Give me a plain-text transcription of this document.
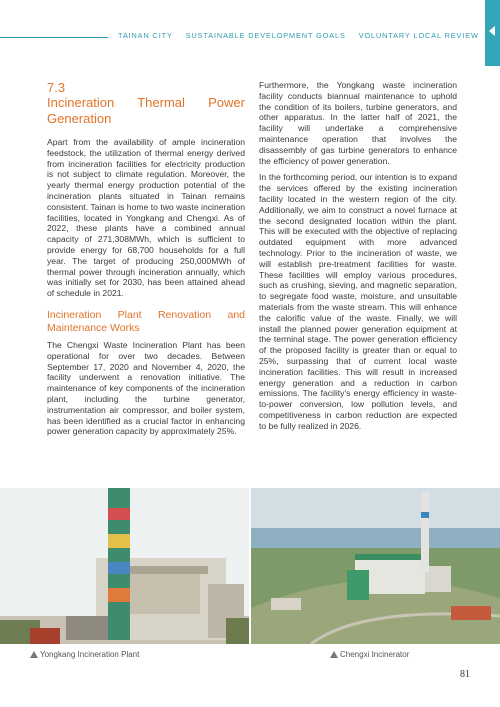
TAINAN CITY SUSTAINABLE DEVELOPMENT GOALS VOLUNTARY LOCAL REVIEW
7.3
Incineration Thermal Power Generation

Apart from the availability of ample incineration feedstock, the utilization of thermal energy derived from incineration facilities for electricity production is not subject to climate regulation. Moreover, the yearly thermal energy production potential of the incineration plants situated in Tainan remains consistent. Tainan is home to two waste incineration facilities, located in Yongkang and Chengxi. As of 2022, these plants have a combined annual capacity of 271,308MWh, which is sufficient to provide energy for 68,700 households for a full year. The target of producing 250,000MWh of thermal power through incineration annually, which was initially set for 2030, has been attained ahead of schedule in 2021.

Incineration Plant Renovation and Maintenance Works

The Chengxi Waste Incineration Plant has been operational for over two decades. Between September 17, 2020 and November 4, 2020, the facility underwent a renovation initiative. The maintenance of key components of the incineration plant, including the turbine generator, instrumentation air compressor, and boiler system, has been identified as a crucial factor in enhancing power generation capacity by approximately 25%.

Furthermore, the Yongkang waste incineration facility conducts biannual maintenance to uphold the condition of its boilers, turbine generators, and other apparatus. In the latter half of 2021, the facility will undertake a comprehensive maintenance operation that involves the disassembly of gas turbine generators to enhance the efficiency of power generation.

In the forthcoming period, our intention is to expand the services offered by the existing incineration facility located in the western region of the city. Additionally, we aim to construct a novel furnace at the second designated location within the plant. This will be executed with the objective of replacing outdated equipment with more advanced technology. Prior to the incineration of waste, we will establish pre-treatment facilities for waste. These facilities will employ various procedures, such as crushing, sieving, and magnetic separation, to segregate food waste, moisture, and unsuitable materials from the waste stream. This will enhance the calorific value of the waste. Finally, we will install the planned power generation equipment at the terminal stage. The power generation efficiency of the proposed facility is greater than or equal to 25%, surpassing that of current local waste incineration facilities. This will result in increased energy generation and a reduction in carbon emissions. The facility's energy efficiency in waste-to-power conversion, low pollution levels, and competitiveness in carbon reduction are expected to be fully realized in 2026.

Yongkang Incineration Plant	Chengxi Incinerator
81
